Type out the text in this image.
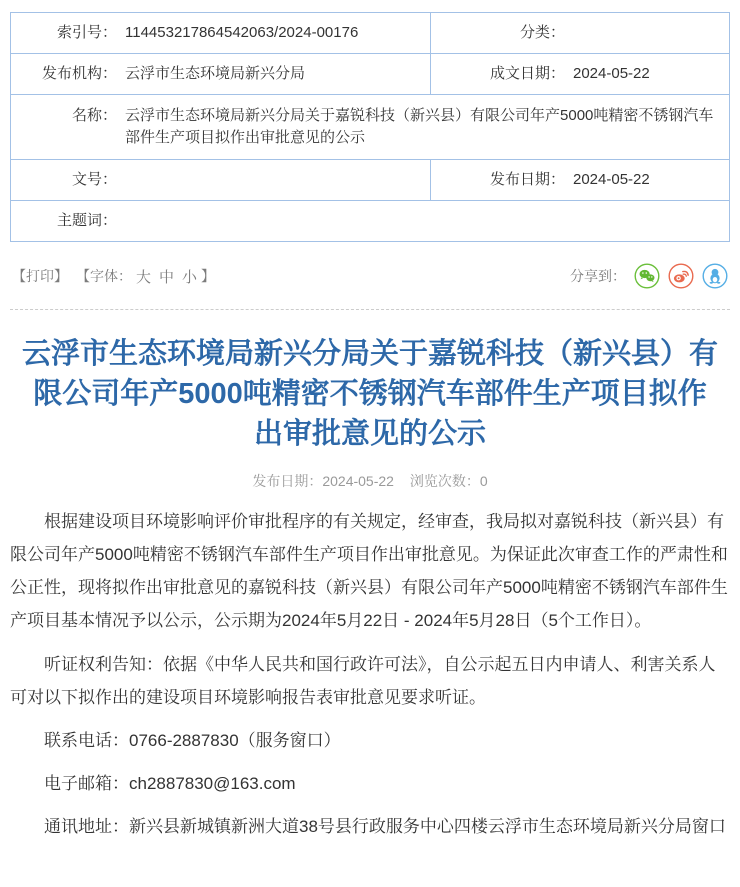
索引号： 114453217864542063/2024-00176	分类：

发布机构： 云浮市生态环境局新兴分局	成文日期： 2024-05-22

名称： 云浮市生态环境局新兴分局关于嘉锐科技（新兴县）有限公司年产5000吨精密不锈钢汽车部件生产项目拟作出审批意见的公示	

文号：	发布日期： 2024-05-22

主题词：	
【打印】 【字体： 大 中 小 】	分享到：
云浮市生态环境局新兴分局关于嘉锐科技（新兴县）有限公司年产5000吨精密不锈钢汽车部件生产项目拟作出审批意见的公示
发布日期：2024-05-22 浏览次数：0

根据建设项目环境影响评价审批程序的有关规定，经审查，我局拟对嘉锐科技（新兴县）有限公司年产5000吨精密不锈钢汽车部件生产项目作出审批意见。为保证此次审查工作的严肃性和公正性，现将拟作出审批意见的嘉锐科技（新兴县）有限公司年产5000吨精密不锈钢汽车部件生产项目基本情况予以公示，公示期为2024年5月22日 - 2024年5月28日（5个工作日）。

听证权利告知：依据《中华人民共和国行政许可法》，自公示起五日内申请人、利害关系人可对以下拟作出的建设项目环境影响报告表审批意见要求听证。

联系电话：0766-2887830（服务窗口）

电子邮箱：ch2887830@163.com

通讯地址：新兴县新城镇新洲大道38号县行政服务中心四楼云浮市生态环境局新兴分局窗口
